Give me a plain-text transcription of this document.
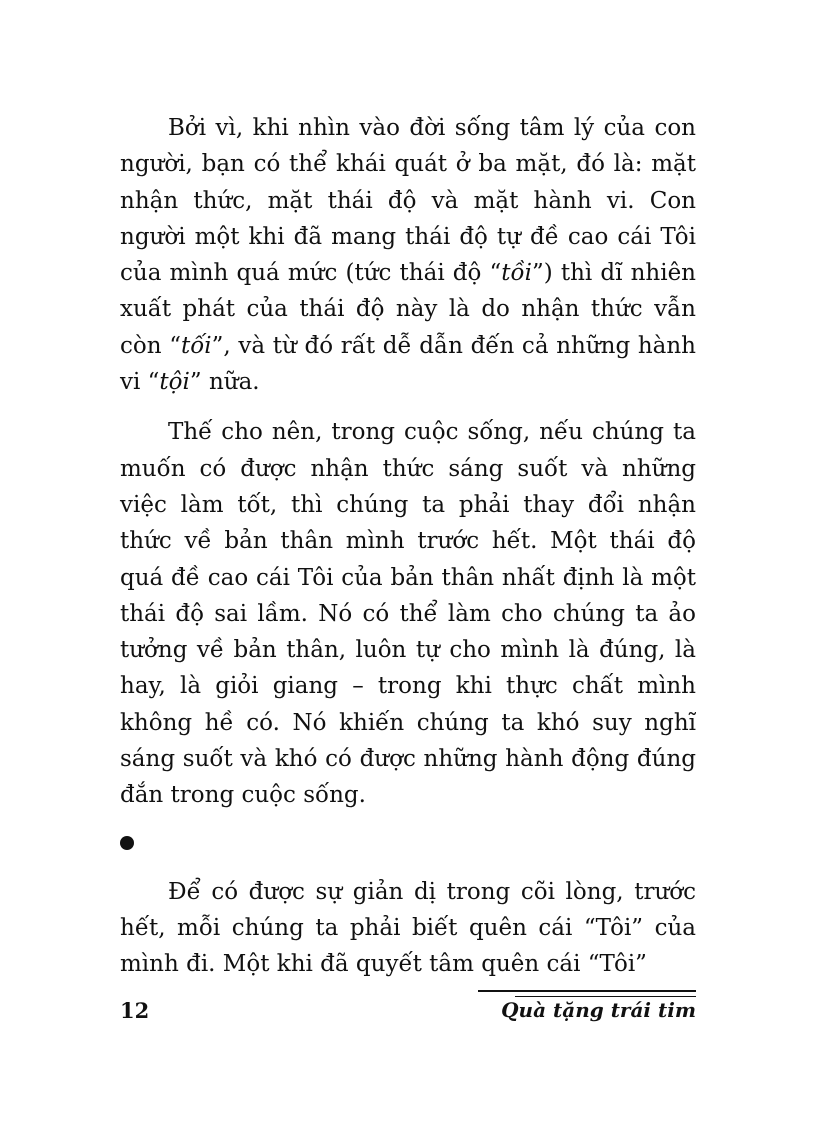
Bởi vì, khi nhìn vào đời sống tâm lý của con người, bạn có thể khái quát ở ba mặt, đó là: mặt nhận thức, mặt thái độ và mặt hành vi. Con người một khi đã mang thái độ tự đề cao cái Tôi của mình quá mức (tức thái độ “tồi”) thì dĩ nhiên xuất phát của thái độ này là do nhận thức vẫn còn “tối”, và từ đó rất dễ dẫn đến cả những hành vi “tội” nữa.

Thế cho nên, trong cuộc sống, nếu chúng ta muốn có được nhận thức sáng suốt và những việc làm tốt, thì chúng ta phải thay đổi nhận thức về bản thân mình trước hết. Một thái độ quá đề cao cái Tôi của bản thân nhất định là một thái độ sai lầm. Nó có thể làm cho chúng ta ảo tưởng về bản thân, luôn tự cho mình là đúng, là hay, là giỏi giang – trong khi thực chất mình không hề có. Nó khiến chúng ta khó suy nghĩ sáng suốt và khó có được những hành động đúng đắn trong cuộc sống.

Để có được sự giản dị trong cõi lòng, trước hết, mỗi chúng ta phải biết quên cái “Tôi” của mình đi. Một khi đã quyết tâm quên cái “Tôi”

12	Quà tặng trái tim
